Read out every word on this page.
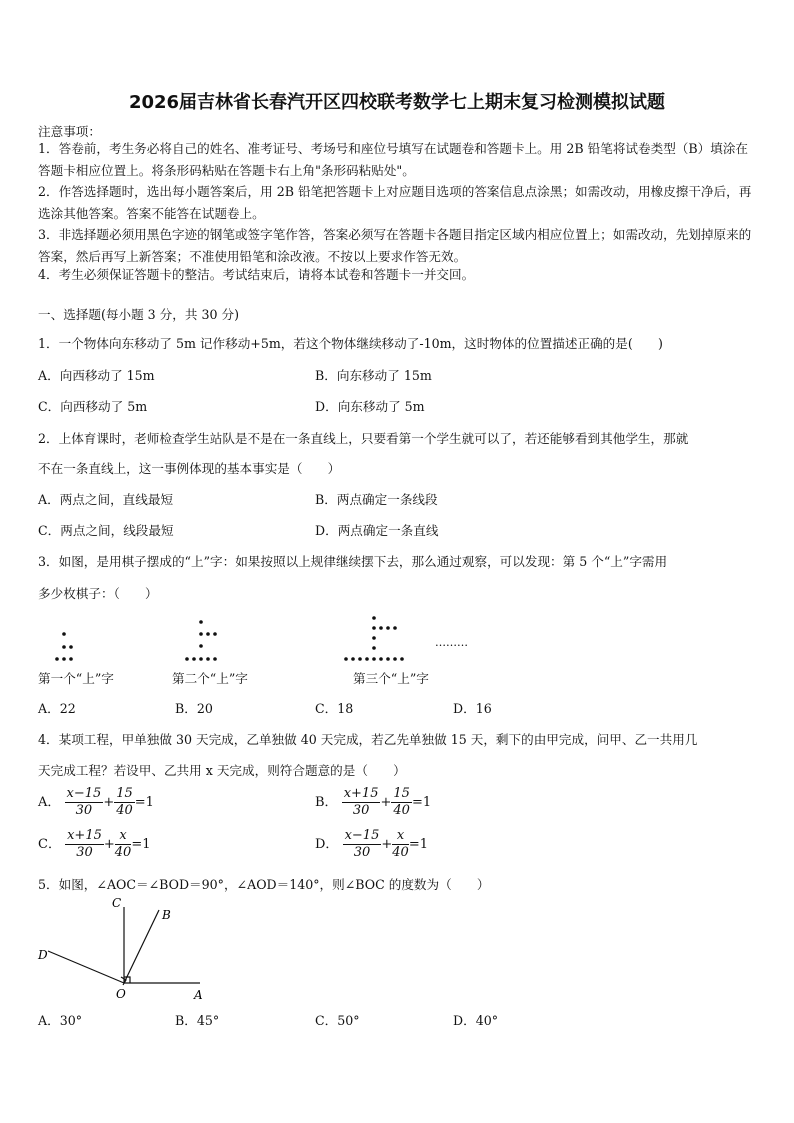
2026届吉林省长春汽开区四校联考数学七上期末复习检测模拟试题
注意事项：
1．答卷前，考生务必将自己的姓名、准考证号、考场号和座位号填写在试题卷和答题卡上。用 2B 铅笔将试卷类型（B）填涂在答题卡相应位置上。将条形码粘贴在答题卡右上角"条形码粘贴处"。
2．作答选择题时，选出每小题答案后，用 2B 铅笔把答题卡上对应题目选项的答案信息点涂黑；如需改动，用橡皮擦干净后，再选涂其他答案。答案不能答在试题卷上。
3．非选择题必须用黑色字迹的钢笔或签字笔作答，答案必须写在答题卡各题目指定区域内相应位置上；如需改动，先划掉原来的答案，然后再写上新答案；不准使用铅笔和涂改液。不按以上要求作答无效。
4．考生必须保证答题卡的整洁。考试结束后，请将本试卷和答题卡一并交回。
一、选择题(每小题 3 分，共 30 分)
1．一个物体向东移动了 5m 记作移动+5m，若这个物体继续移动了-10m，这时物体的位置描述正确的是(　　)
A．向西移动了 15m	B．向东移动了 15m
C．向西移动了 5m	D．向东移动了 5m
2．上体育课时，老师检查学生站队是不是在一条直线上，只要看第一个学生就可以了，若还能够看到其他学生，那就
不在一条直线上，这一事例体现的基本事实是（　　）
A．两点之间，直线最短	B．两点确定一条线段
C．两点之间，线段最短	D．两点确定一条直线
3．如图，是用棋子摆成的“上”字：如果按照以上规律继续摆下去，那么通过观察，可以发现：第 5 个“上”字需用
多少枚棋子：（　　）
………
第一个“上”字	第二个“上”字	第三个“上”字
A．22	B．20	C．18	D．16
4．某项工程，甲单独做 30 天完成，乙单独做 40 天完成，若乙先单独做 15 天，剩下的由甲完成，问甲、乙一共用几
天完成工程？若设甲、乙共用 x 天完成，则符合题意的是（　　）
A． $\frac{x-15}{30} + \frac{15}{40} =1$	B． $\frac{x+15}{30} + \frac{15}{40} =1$
C． $\frac{x+15}{30} + \frac{x}{40} =1$	D． $\frac{x-15}{30} + \frac{x}{40} =1$
5．如图，∠AOC＝∠BOD＝90°，∠AOD＝140°，则∠BOC 的度数为（　　）
C
B
D
O	A
A．30°	B．45°	C．50°	D．40°
